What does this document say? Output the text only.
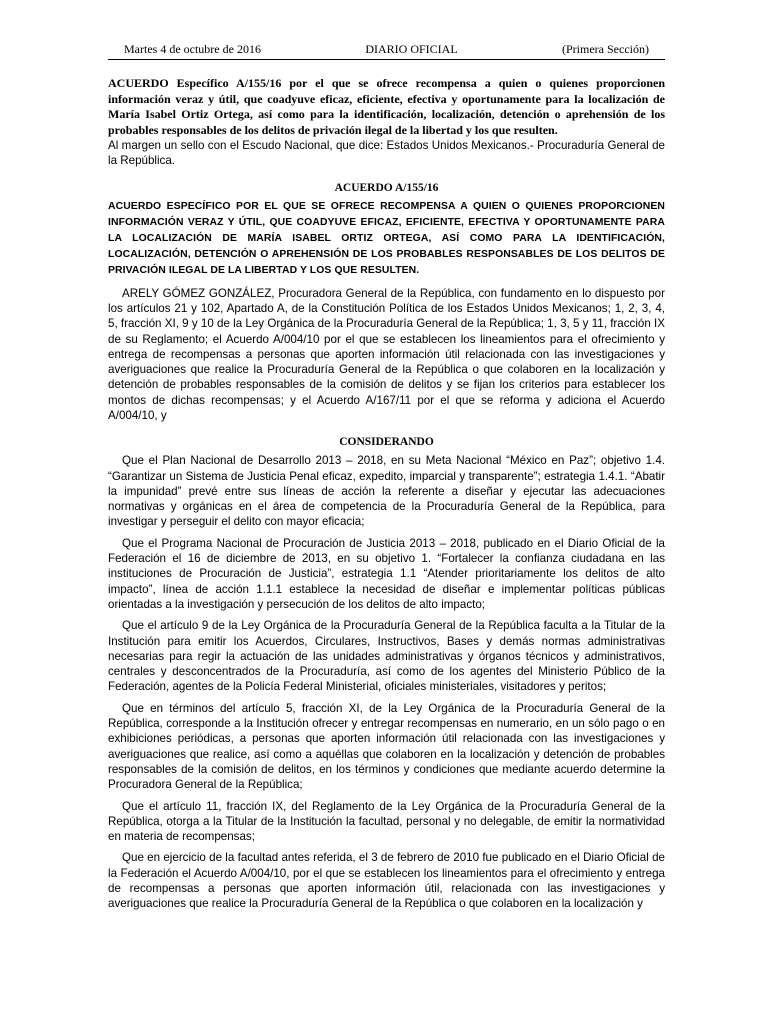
Martes 4 de octubre de 2016	DIARIO OFICIAL	(Primera Sección)

ACUERDO Específico A/155/16 por el que se ofrece recompensa a quien o quienes proporcionen información veraz y útil, que coadyuve eficaz, eficiente, efectiva y oportunamente para la localización de María Isabel Ortiz Ortega, así como para la identificación, localización, detención o aprehensión de los probables responsables de los delitos de privación ilegal de la libertad y los que resulten.

Al margen un sello con el Escudo Nacional, que dice: Estados Unidos Mexicanos.- Procuraduría General de la República.

ACUERDO A/155/16

ACUERDO ESPECÍFICO POR EL QUE SE OFRECE RECOMPENSA A QUIEN O QUIENES PROPORCIONEN INFORMACIÓN VERAZ Y ÚTIL, QUE COADYUVE EFICAZ, EFICIENTE, EFECTIVA Y OPORTUNAMENTE PARA LA LOCALIZACIÓN DE MARÍA ISABEL ORTIZ ORTEGA, ASÍ COMO PARA LA IDENTIFICACIÓN, LOCALIZACIÓN, DETENCIÓN O APREHENSIÓN DE LOS PROBABLES RESPONSABLES DE LOS DELITOS DE PRIVACIÓN ILEGAL DE LA LIBERTAD Y LOS QUE RESULTEN.

ARELY GÓMEZ GONZÁLEZ, Procuradora General de la República, con fundamento en lo dispuesto por los artículos 21 y 102, Apartado A, de la Constitución Política de los Estados Unidos Mexicanos; 1, 2, 3, 4, 5, fracción XI, 9 y 10 de la Ley Orgánica de la Procuraduría General de la República; 1, 3, 5 y 11, fracción IX de su Reglamento; el Acuerdo A/004/10 por el que se establecen los lineamientos para el ofrecimiento y entrega de recompensas a personas que aporten información útil relacionada con las investigaciones y averiguaciones que realice la Procuraduría General de la República o que colaboren en la localización y detención de probables responsables de la comisión de delitos y se fijan los criterios para establecer los montos de dichas recompensas; y el Acuerdo A/167/11 por el que se reforma y adiciona el Acuerdo A/004/10, y

CONSIDERANDO

Que el Plan Nacional de Desarrollo 2013 – 2018, en su Meta Nacional “México en Paz”; objetivo 1.4. “Garantizar un Sistema de Justicia Penal eficaz, expedito, imparcial y transparente”; estrategia 1.4.1. “Abatir la impunidad” prevé entre sus líneas de acción la referente a diseñar y ejecutar las adecuaciones normativas y orgánicas en el área de competencia de la Procuraduría General de la República, para investigar y perseguir el delito con mayor eficacia;

Que el Programa Nacional de Procuración de Justicia 2013 – 2018, publicado en el Diario Oficial de la Federación el 16 de diciembre de 2013, en su objetivo 1. “Fortalecer la confianza ciudadana en las instituciones de Procuración de Justicia”, estrategia 1.1 “Atender prioritariamente los delitos de alto impacto”, línea de acción 1.1.1 establece la necesidad de diseñar e implementar políticas públicas orientadas a la investigación y persecución de los delitos de alto impacto;

Que el artículo 9 de la Ley Orgánica de la Procuraduría General de la República faculta a la Titular de la Institución para emitir los Acuerdos, Circulares, Instructivos, Bases y demás normas administrativas necesarias para regir la actuación de las unidades administrativas y órganos técnicos y administrativos, centrales y desconcentrados de la Procuraduría, así como de los agentes del Ministerio Público de la Federación, agentes de la Policía Federal Ministerial, oficiales ministeriales, visitadores y peritos;

Que en términos del artículo 5, fracción XI, de la Ley Orgánica de la Procuraduría General de la República, corresponde a la Institución ofrecer y entregar recompensas en numerario, en un sólo pago o en exhibiciones periódicas, a personas que aporten información útil relacionada con las investigaciones y averiguaciones que realice, así como a aquéllas que colaboren en la localización y detención de probables responsables de la comisión de delitos, en los términos y condiciones que mediante acuerdo determine la Procuradora General de la República;

Que el artículo 11, fracción IX, del Reglamento de la Ley Orgánica de la Procuraduría General de la República, otorga a la Titular de la Institución la facultad, personal y no delegable, de emitir la normatividad en materia de recompensas;

Que en ejercicio de la facultad antes referida, el 3 de febrero de 2010 fue publicado en el Diario Oficial de la Federación el Acuerdo A/004/10, por el que se establecen los lineamientos para el ofrecimiento y entrega de recompensas a personas que aporten información útil, relacionada con las investigaciones y averiguaciones que realice la Procuraduría General de la República o que colaboren en la localización y
